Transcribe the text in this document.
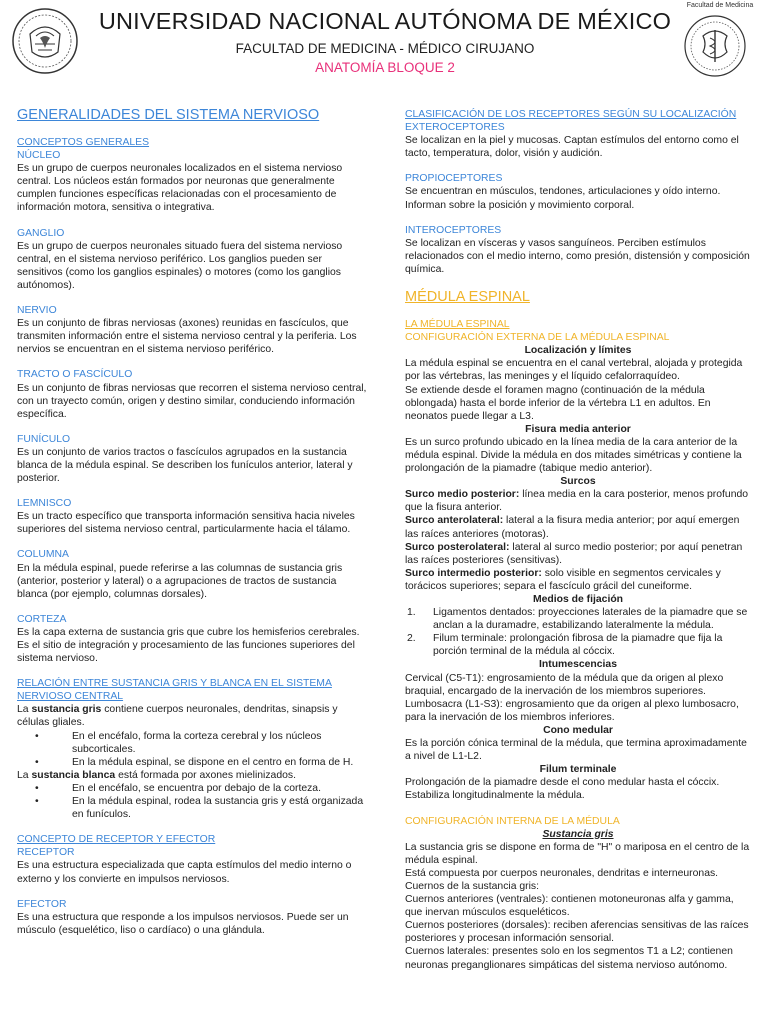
UNIVERSIDAD NACIONAL AUTÓNOMA DE MÉXICO
FACULTAD DE MEDICINA - MÉDICO CIRUJANO
ANATOMÍA BLOQUE 2
Facultad de Medicina
GENERALIDADES DEL SISTEMA NERVIOSO
CONCEPTOS GENERALES
NÚCLEO
Es un grupo de cuerpos neuronales localizados en el sistema nervioso central. Los núcleos están formados por neuronas que generalmente cumplen funciones específicas relacionadas con el procesamiento de información motora, sensitiva o integrativa.
GANGLIO
Es un grupo de cuerpos neuronales situado fuera del sistema nervioso central, en el sistema nervioso periférico. Los ganglios pueden ser sensitivos (como los ganglios espinales) o motores (como los ganglios autónomos).
NERVIO
Es un conjunto de fibras nerviosas (axones) reunidas en fascículos, que transmiten información entre el sistema nervioso central y la periferia. Los nervios se encuentran en el sistema nervioso periférico.
TRACTO O FASCÍCULO
Es un conjunto de fibras nerviosas que recorren el sistema nervioso central, con un trayecto común, origen y destino similar, conduciendo información específica.
FUNÍCULO
Es un conjunto de varios tractos o fascículos agrupados en la sustancia blanca de la médula espinal. Se describen los funículos anterior, lateral y posterior.
LEMNISCO
Es un tracto específico que transporta información sensitiva hacia niveles superiores del sistema nervioso central, particularmente hacia el tálamo.
COLUMNA
En la médula espinal, puede referirse a las columnas de sustancia gris (anterior, posterior y lateral) o a agrupaciones de tractos de sustancia blanca (por ejemplo, columnas dorsales).
CORTEZA
Es la capa externa de sustancia gris que cubre los hemisferios cerebrales. Es el sitio de integración y procesamiento de las funciones superiores del sistema nervioso.
RELACIÓN ENTRE SUSTANCIA GRIS Y BLANCA EN EL SISTEMA NERVIOSO CENTRAL
La sustancia gris contiene cuerpos neuronales, dendritas, sinapsis y células gliales.
• En el encéfalo, forma la corteza cerebral y los núcleos subcorticales.
• En la médula espinal, se dispone en el centro en forma de H.
La sustancia blanca está formada por axones mielinizados.
• En el encéfalo, se encuentra por debajo de la corteza.
• En la médula espinal, rodea la sustancia gris y está organizada en funículos.
CONCEPTO DE RECEPTOR Y EFECTOR
RECEPTOR
Es una estructura especializada que capta estímulos del medio interno o externo y los convierte en impulsos nerviosos.
EFECTOR
Es una estructura que responde a los impulsos nerviosos. Puede ser un músculo (esquelético, liso o cardíaco) o una glándula.
CLASIFICACIÓN DE LOS RECEPTORES SEGÚN SU LOCALIZACIÓN
EXTEROCEPTORES
Se localizan en la piel y mucosas. Captan estímulos del entorno como el tacto, temperatura, dolor, visión y audición.
PROPIOCEPTORES
Se encuentran en músculos, tendones, articulaciones y oído interno. Informan sobre la posición y movimiento corporal.
INTEROCEPTORES
Se localizan en vísceras y vasos sanguíneos. Perciben estímulos relacionados con el medio interno, como presión, distensión y composición química.
MÉDULA ESPINAL
LA MÉDULA ESPINAL
CONFIGURACIÓN EXTERNA DE LA MÉDULA ESPINAL
Localización y límites
La médula espinal se encuentra en el canal vertebral, alojada y protegida por las vértebras, las meninges y el líquido cefalorraquídeo.
Se extiende desde el foramen magno (continuación de la médula oblongada) hasta el borde inferior de la vértebra L1 en adultos. En neonatos puede llegar a L3.
Fisura media anterior
Es un surco profundo ubicado en la línea media de la cara anterior de la médula espinal. Divide la médula en dos mitades simétricas y contiene la prolongación de la piamadre (tabique medio anterior).
Surcos
Surco medio posterior: línea media en la cara posterior, menos profundo que la fisura anterior.
Surco anterolateral: lateral a la fisura media anterior; por aquí emergen las raíces anteriores (motoras).
Surco posterolateral: lateral al surco medio posterior; por aquí penetran las raíces posteriores (sensitivas).
Surco intermedio posterior: solo visible en segmentos cervicales y torácicos superiores; separa el fascículo grácil del cuneiforme.
Medios de fijación
1. Ligamentos dentados: proyecciones laterales de la piamadre que se anclan a la duramadre, estabilizando lateralmente la médula.
2. Filum terminale: prolongación fibrosa de la piamadre que fija la porción terminal de la médula al cóccix.
Intumescencias
Cervical (C5-T1): engrosamiento de la médula que da origen al plexo braquial, encargado de la inervación de los miembros superiores.
Lumbosacra (L1-S3): engrosamiento que da origen al plexo lumbosacro, para la inervación de los miembros inferiores.
Cono medular
Es la porción cónica terminal de la médula, que termina aproximadamente a nivel de L1-L2.
Filum terminale
Prolongación de la piamadre desde el cono medular hasta el cóccix. Estabiliza longitudinalmente la médula.
CONFIGURACIÓN INTERNA DE LA MÉDULA
Sustancia gris
La sustancia gris se dispone en forma de "H" o mariposa en el centro de la médula espinal.
Está compuesta por cuerpos neuronales, dendritas e interneuronas.
Cuernos de la sustancia gris:
Cuernos anteriores (ventrales): contienen motoneuronas alfa y gamma, que inervan músculos esqueléticos.
Cuernos posteriores (dorsales): reciben aferencias sensitivas de las raíces posteriores y procesan información sensorial.
Cuernos laterales: presentes solo en los segmentos T1 a L2; contienen neuronas preganglionares simpáticas del sistema nervioso autónomo.
